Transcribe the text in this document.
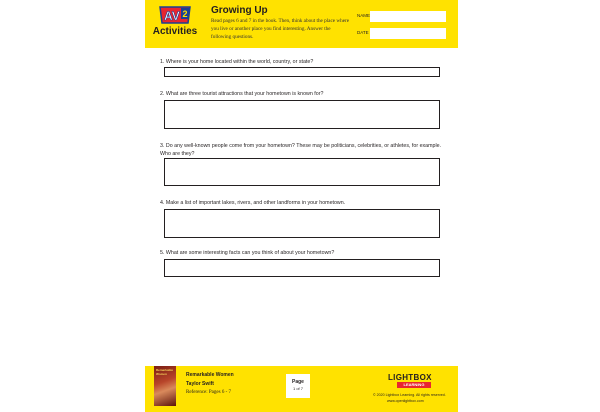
AV 2
Activities
Growing Up
Read pages 6 and 7 in the book. Then, think about the place where you live or another place you find interesting. Answer the following questions.
NAME
DATE
1. Where is your home located within the world, country, or state?
2. What are three tourist attractions that your hometown is known for?
3. Do any well-known people come from your hometown? These may be politicians, celebrities, or athletes, for example. Who are they?
4. Make a list of important lakes, rivers, and other landforms in your hometown.
5. What are some interesting facts can you think of about your hometown?
Remarkable
Women	Remarkable Women
Taylor Swift
Reference: Pages 6 - 7
Page
1 of 7
LIGHTBOX
LEARNING
© 2020 Lightbox Learning. All rights reserved.
www.openlightbox.com
